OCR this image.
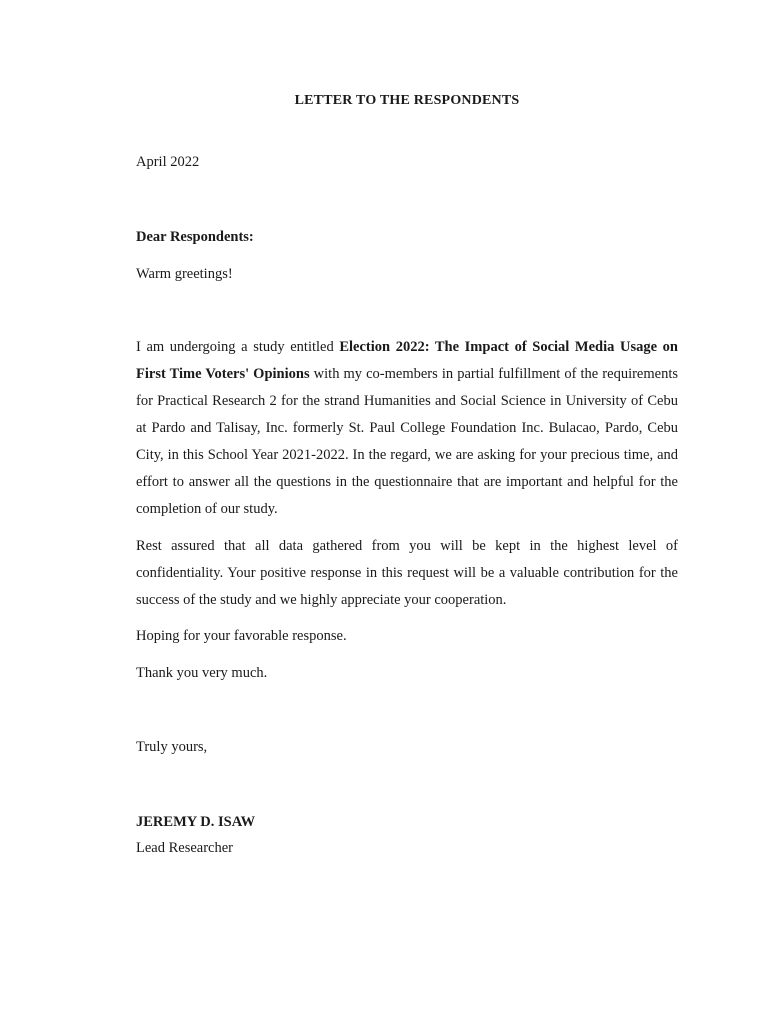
LETTER TO THE RESPONDENTS
April 2022
Dear Respondents:
Warm greetings!
I am undergoing a study entitled Election 2022: The Impact of Social Media Usage on First Time Voters' Opinions with my co-members in partial fulfillment of the requirements for Practical Research 2 for the strand Humanities and Social Science in University of Cebu at Pardo and Talisay, Inc. formerly St. Paul College Foundation Inc. Bulacao, Pardo, Cebu City, in this School Year 2021-2022. In the regard, we are asking for your precious time, and effort to answer all the questions in the questionnaire that are important and helpful for the completion of our study.
Rest assured that all data gathered from you will be kept in the highest level of confidentiality. Your positive response in this request will be a valuable contribution for the success of the study and we highly appreciate your cooperation.
Hoping for your favorable response.
Thank you very much.
Truly yours,
JEREMY D. ISAW
Lead Researcher
